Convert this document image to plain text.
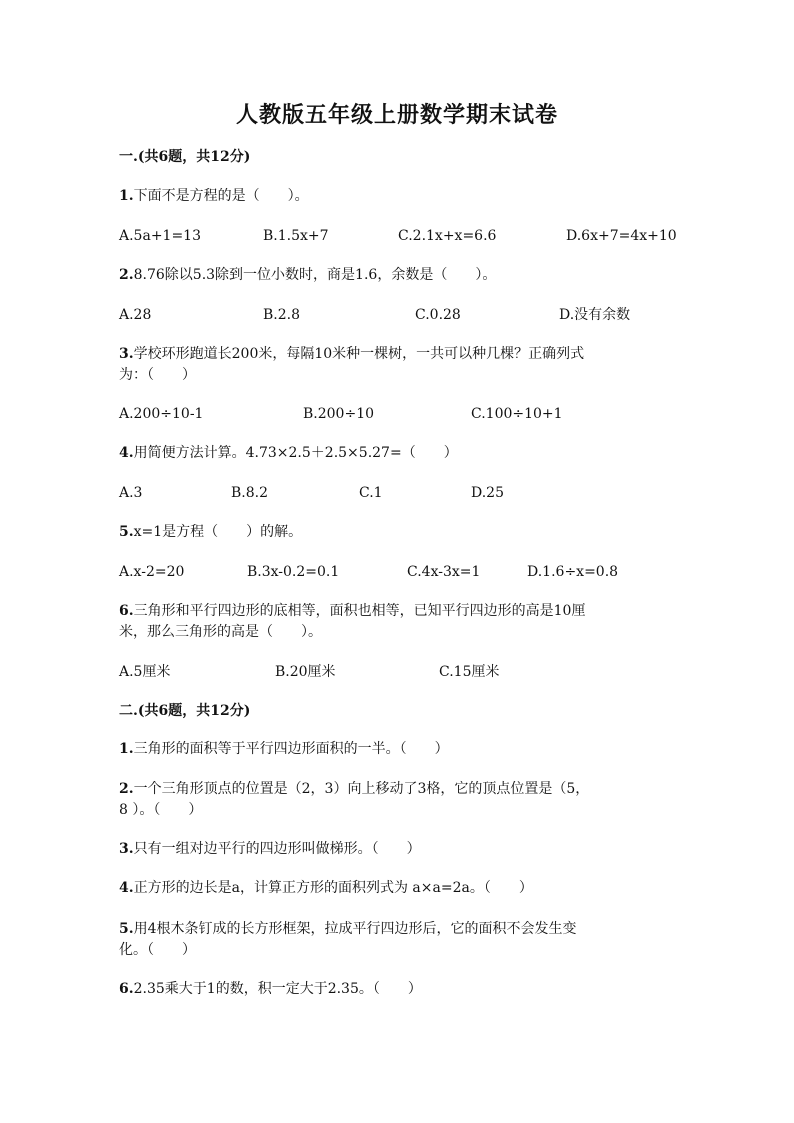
人教版五年级上册数学期末试卷
一.(共6题，共12分)
1.下面不是方程的是（　　）。
A.5a+1=13	B.1.5x+7	C.2.1x+x=6.6	D.6x+7=4x+10
2.8.76除以5.3除到一位小数时，商是1.6，余数是（　　）。
A.28	B.2.8	C.0.28	D.没有余数
3.学校环形跑道长200米，每隔10米种一棵树，一共可以种几棵？正确列式
为：（　　）
A.200÷10-1	B.200÷10	C.100÷10+1
4.用简便方法计算。4.73×2.5＋2.5×5.27=（　　）
A.3	B.8.2	C.1	D.25
5.x=1是方程（　　）的解。
A.x-2=20	B.3x-0.2=0.1	C.4x-3x=1	D.1.6÷x=0.8
6.三角形和平行四边形的底相等，面积也相等，已知平行四边形的高是10厘
米，那么三角形的高是（　　）。
A.5厘米	B.20厘米	C.15厘米
二.(共6题，共12分)
1.三角形的面积等于平行四边形面积的一半。（　　）
2.一个三角形顶点的位置是（2，3）向上移动了3格，它的顶点位置是（5，
8 ）。（　　）
3.只有一组对边平行的四边形叫做梯形。（　　）
4.正方形的边长是a，计算正方形的面积列式为 a×a=2a。（　　）
5.用4根木条钉成的长方形框架，拉成平行四边形后，它的面积不会发生变
化。（　　）
6.2.35乘大于1的数，积一定大于2.35。（　　）
